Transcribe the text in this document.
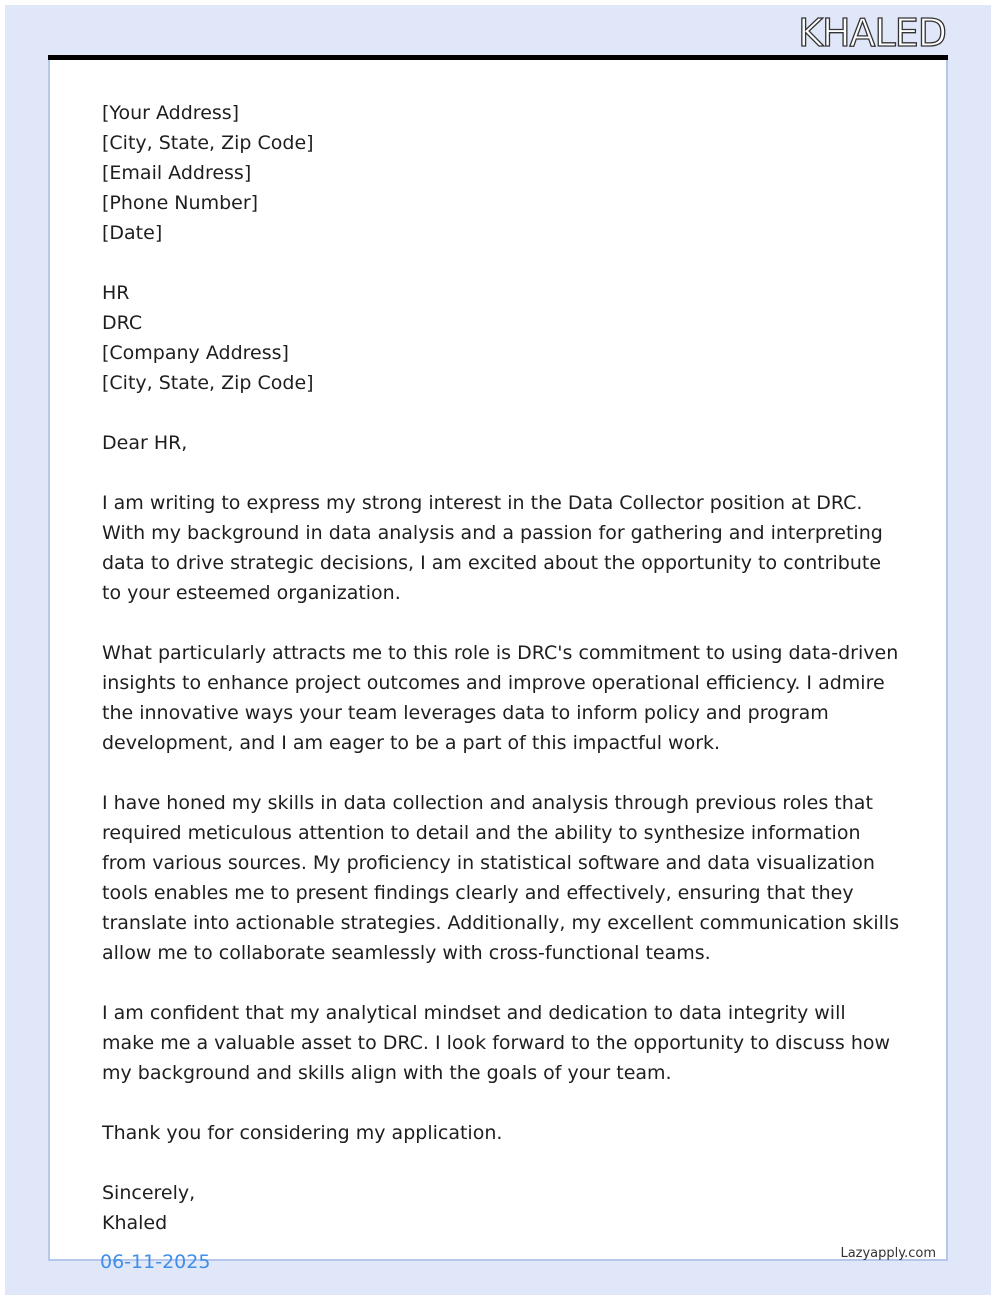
KHALED
[Your Address]
[City, State, Zip Code]
[Email Address]
[Phone Number]
[Date]
HR
DRC
[Company Address]
[City, State, Zip Code]

Dear HR,

I am writing to express my strong interest in the Data Collector position at DRC. With my background in data analysis and a passion for gathering and interpreting data to drive strategic decisions, I am excited about the opportunity to contribute to your esteemed organization.

What particularly attracts me to this role is DRC's commitment to using data-driven insights to enhance project outcomes and improve operational efficiency. I admire the innovative ways your team leverages data to inform policy and program development, and I am eager to be a part of this impactful work.

I have honed my skills in data collection and analysis through previous roles that required meticulous attention to detail and the ability to synthesize information from various sources. My proficiency in statistical software and data visualization tools enables me to present findings clearly and effectively, ensuring that they translate into actionable strategies. Additionally, my excellent communication skills allow me to collaborate seamlessly with cross-functional teams.

I am confident that my analytical mindset and dedication to data integrity will make me a valuable asset to DRC. I look forward to the opportunity to discuss how my background and skills align with the goals of your team.

Thank you for considering my application.

Sincerely,
Khaled
06-11-2025	Lazyapply.com
